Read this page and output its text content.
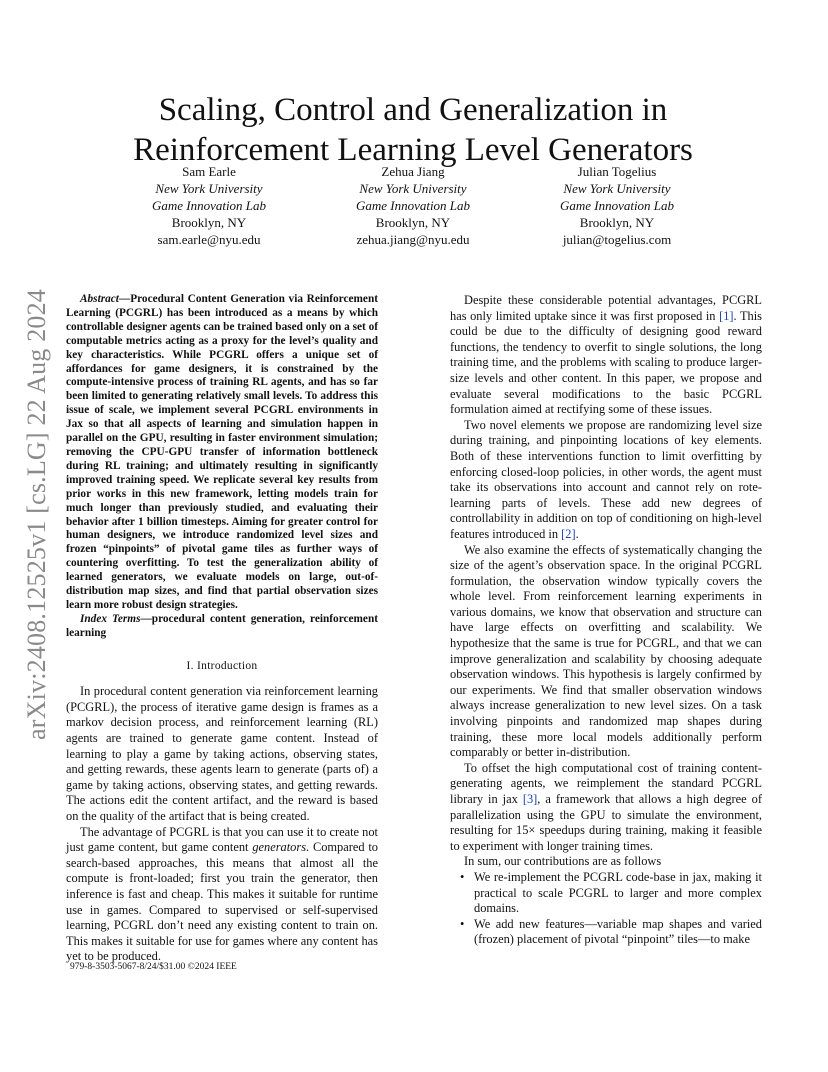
arXiv:2408.12525v1 [cs.LG] 22 Aug 2024
Scaling, Control and Generalization in
Reinforcement Learning Level Generators
Sam Earle
New York University
Game Innovation Lab
Brooklyn, NY
sam.earle@nyu.edu
Zehua Jiang
New York University
Game Innovation Lab
Brooklyn, NY
zehua.jiang@nyu.edu
Julian Togelius
New York University
Game Innovation Lab
Brooklyn, NY
julian@togelius.com

Abstract—Procedural Content Generation via Reinforcement Learning (PCGRL) has been introduced as a means by which controllable designer agents can be trained based only on a set of computable metrics acting as a proxy for the level’s quality and key characteristics. While PCGRL offers a unique set of affordances for game designers, it is constrained by the compute-intensive process of training RL agents, and has so far been limited to generating relatively small levels. To address this issue of scale, we implement several PCGRL environments in Jax so that all aspects of learning and simulation happen in parallel on the GPU, resulting in faster environment simulation; removing the CPU-GPU transfer of information bottleneck during RL training; and ultimately resulting in significantly improved training speed. We replicate several key results from prior works in this new framework, letting models train for much longer than previously studied, and evaluating their behavior after 1 billion timesteps. Aiming for greater control for human designers, we introduce randomized level sizes and frozen “pinpoints” of pivotal game tiles as further ways of countering overfitting. To test the generalization ability of learned generators, we evaluate models on large, out-of-distribution map sizes, and find that partial observation sizes learn more robust design strategies.

Index Terms—procedural content generation, reinforcement learning

I. Introduction

In procedural content generation via reinforcement learning (PCGRL), the process of iterative game design is frames as a markov decision process, and reinforcement learning (RL) agents are trained to generate game content. Instead of learning to play a game by taking actions, observing states, and getting rewards, these agents learn to generate (parts of) a game by taking actions, observing states, and getting rewards. The actions edit the content artifact, and the reward is based on the quality of the artifact that is being created.

The advantage of PCGRL is that you can use it to create not just game content, but game content generators. Compared to search-based approaches, this means that almost all the compute is front-loaded; first you train the generator, then inference is fast and cheap. This makes it suitable for runtime use in games. Compared to supervised or self-supervised learning, PCGRL don’t need any existing content to train on. This makes it suitable for use for games where any content has yet to be produced.

979-8-3503-5067-8/24/$31.00 ©2024 IEEE

Despite these considerable potential advantages, PCGRL has only limited uptake since it was first proposed in [1]. This could be due to the difficulty of designing good reward functions, the tendency to overfit to single solutions, the long training time, and the problems with scaling to produce larger-size levels and other content. In this paper, we propose and evaluate several modifications to the basic PCGRL formulation aimed at rectifying some of these issues.

Two novel elements we propose are randomizing level size during training, and pinpointing locations of key elements. Both of these interventions function to limit overfitting by enforcing closed-loop policies, in other words, the agent must take its observations into account and cannot rely on rote-learning parts of levels. These add new degrees of controllability in addition on top of conditioning on high-level features introduced in [2].

We also examine the effects of systematically changing the size of the agent’s observation space. In the original PCGRL formulation, the observation window typically covers the whole level. From reinforcement learning experiments in various domains, we know that observation and structure can have large effects on overfitting and scalability. We hypothesize that the same is true for PCGRL, and that we can improve generalization and scalability by choosing adequate observation windows. This hypothesis is largely confirmed by our experiments. We find that smaller observation windows always increase generalization to new level sizes. On a task involving pinpoints and randomized map shapes during training, these more local models additionally perform comparably or better in-distribution.

To offset the high computational cost of training content-generating agents, we reimplement the standard PCGRL library in jax [3], a framework that allows a high degree of parallelization using the GPU to simulate the environment, resulting for 15× speedups during training, making it feasible to experiment with longer training times.

In sum, our contributions are as follows

• We re-implement the PCGRL code-base in jax, making it practical to scale PCGRL to larger and more complex domains.
• We add new features—variable map shapes and varied (frozen) placement of pivotal “pinpoint” tiles—to make
